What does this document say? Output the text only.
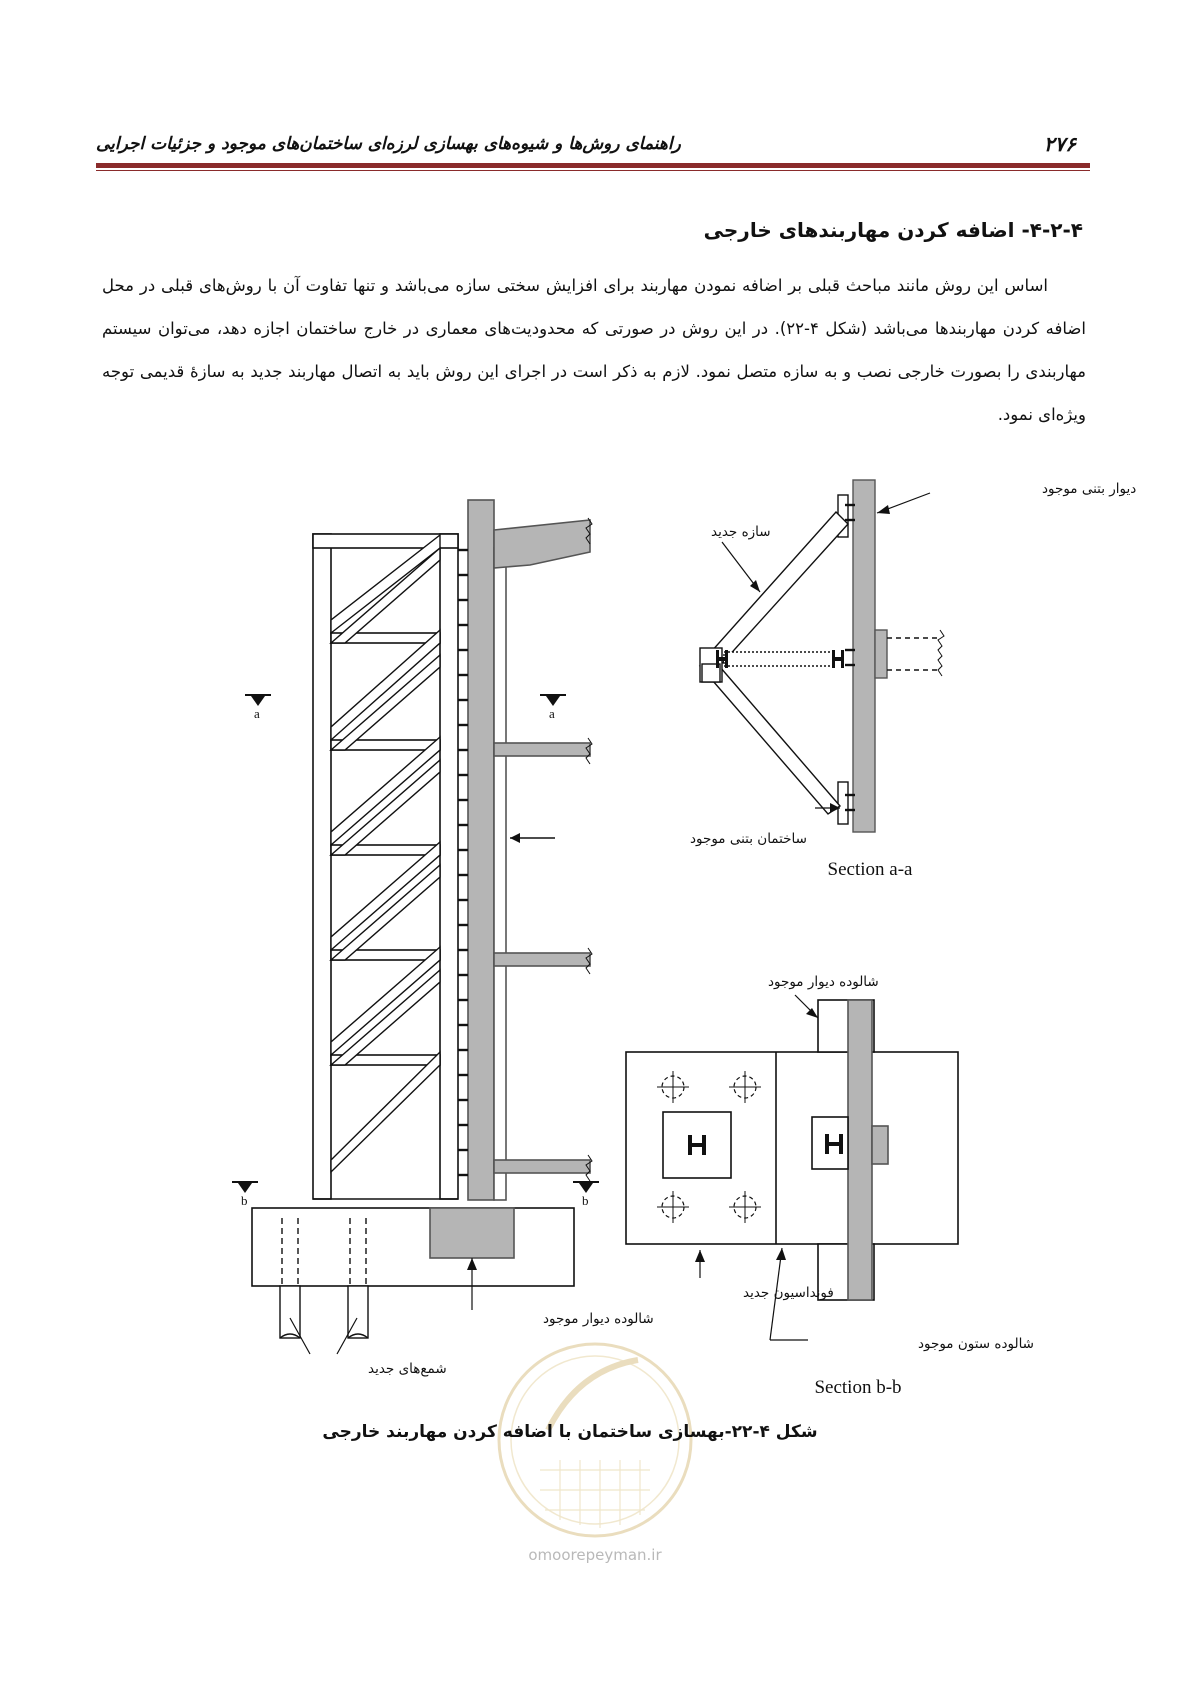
۲۷۶
راهنمای روش‌ها و شیوه‌های بهسازی لرزه‌ای ساختمان‌های موجود و جزئیات اجرایی
۴-۲-۴- اضافه کردن مهاربندهای خارجی

اساس این روش مانند مباحث قبلی بر اضافه نمودن مهاربند برای افزایش سختی سازه می‌باشد و تنها تفاوت آن با روش‌های قبلی در محل اضافه کردن مهاربندها می‌باشد (شکل ۴-۲۲). در این روش در صورتی که محدودیت‌های معماری در خارج ساختمان اجازه دهد، می‌توان سیستم مهاربندی را بصورت خارجی نصب و به سازه متصل نمود. لازم به ذکر است در اجرای این روش باید به اتصال مهاربند جدید به سازهٔ قدیمی توجه ویژه‌ای نمود.

a	a
b	b
ساختمان بتنی موجود
شالوده دیوار موجود
شمع‌های جدید
دیوار بتنی موجود
سازه جدید
Section a-a
شالوده دیوار موجود
فونداسیون جدید
شالوده ستون موجود
Section b-b
omoorepeyman.ir
شکل ۴-۲۲-بهسازی ساختمان با اضافه کردن مهاربند خارجی
